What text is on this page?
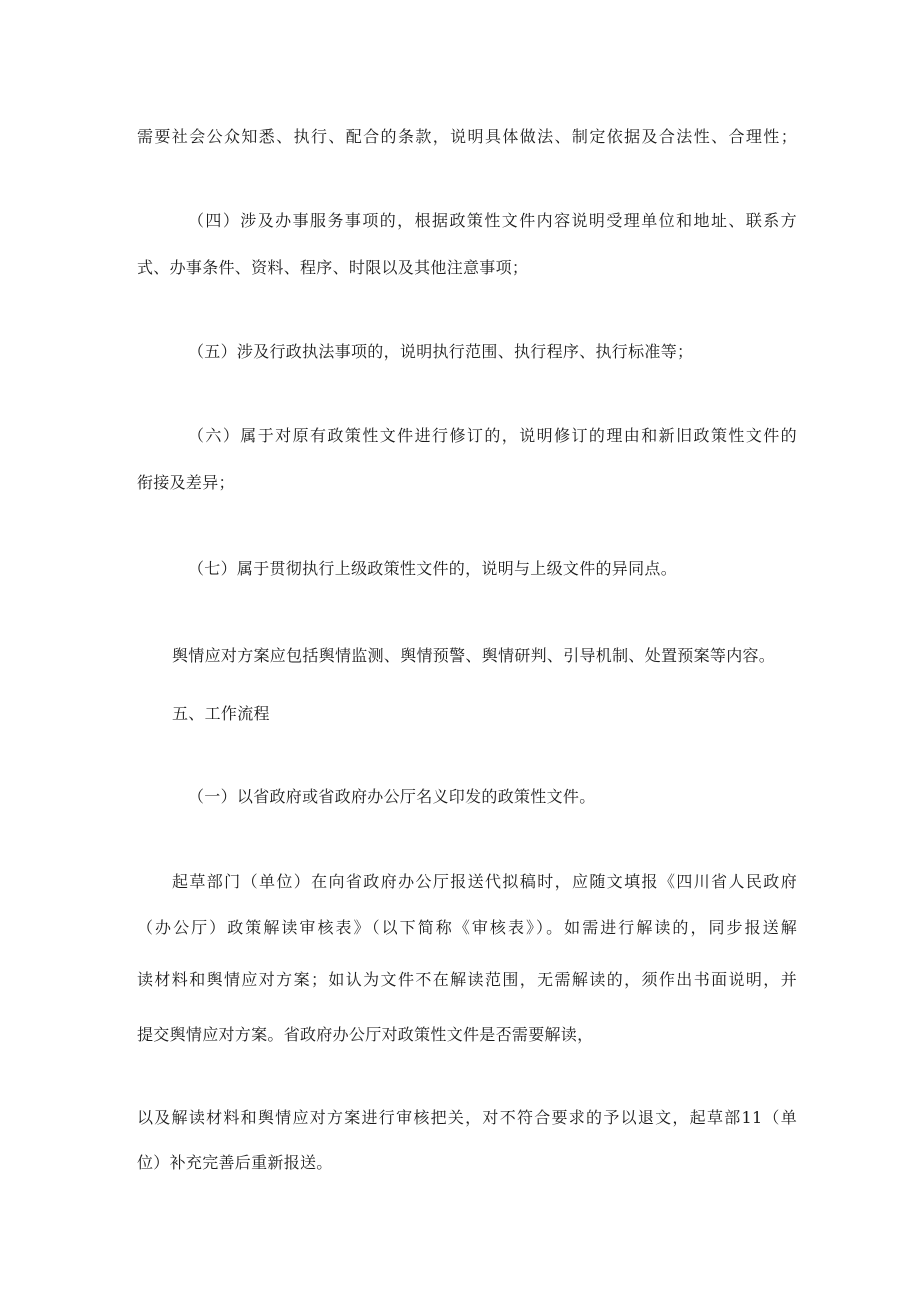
需要社会公众知悉、执行、配合的条款，说明具体做法、制定依据及合法性、合理性；
（四）涉及办事服务事项的，根据政策性文件内容说明受理单位和地址、联系方
式、办事条件、资料、程序、时限以及其他注意事项；
（五）涉及行政执法事项的，说明执行范围、执行程序、执行标准等；
（六）属于对原有政策性文件进行修订的，说明修订的理由和新旧政策性文件的
衔接及差异；
（七）属于贯彻执行上级政策性文件的，说明与上级文件的异同点。
舆情应对方案应包括舆情监测、舆情预警、舆情研判、引导机制、处置预案等内容。
五、工作流程
（一）以省政府或省政府办公厅名义印发的政策性文件。
起草部门（单位）在向省政府办公厅报送代拟稿时，应随文填报《四川省人民政府
（办公厅）政策解读审核表》（以下简称《审核表》）。如需进行解读的，同步报送解
读材料和舆情应对方案；如认为文件不在解读范围，无需解读的，须作出书面说明，并
提交舆情应对方案。省政府办公厅对政策性文件是否需要解读，
以及解读材料和舆情应对方案进行审核把关，对不符合要求的予以退文，起草部11（单
位）补充完善后重新报送。
